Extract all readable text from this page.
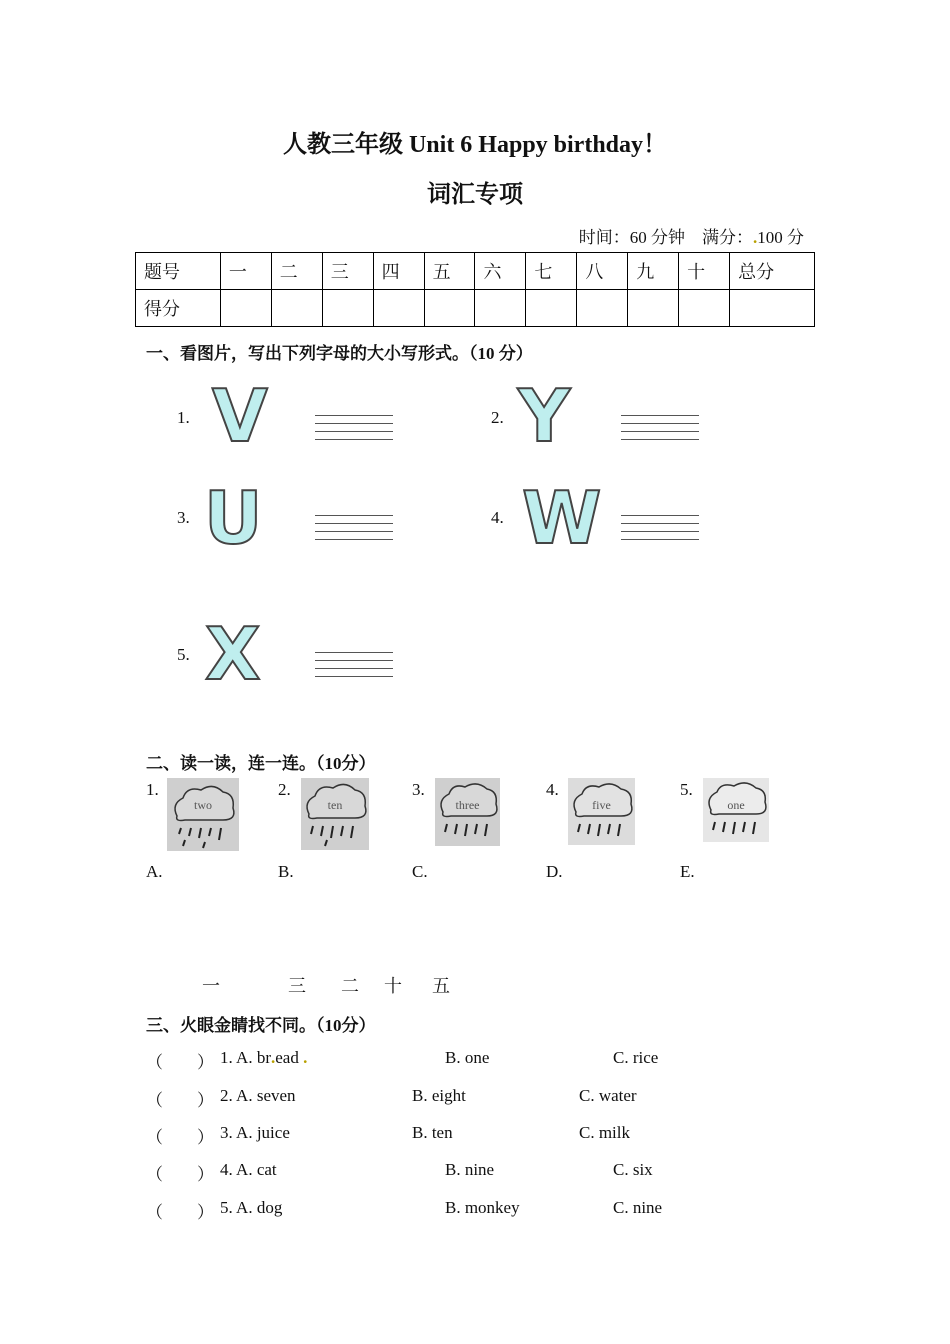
人教三年级 Unit 6 Happy birthday！
词汇专项
时间：60 分钟　满分：.100 分
题号	一	二	三	四	五	六	七	八	九	十	总分
得分											
一、看图片，写出下列字母的大小写形式。（10 分）
1. V	2. Y
3. U	4. W
5. X
二、读一读，连一连。（10分）
1.
two
2.
ten
3.
three
4.
five
5.
one
A.	B.	C.	D.	E.
一	三 二 十 五
三、火眼金睛找不同。（10分）
（　　） 1. A. br.ead .	B. one	C. rice
（　　） 2. A. seven	B. eight	C. water
（　　） 3. A. juice	B. ten	C. milk
（　　） 4. A. cat	B. nine	C. six
（　　） 5. A. dog	B. monkey	C. nine
